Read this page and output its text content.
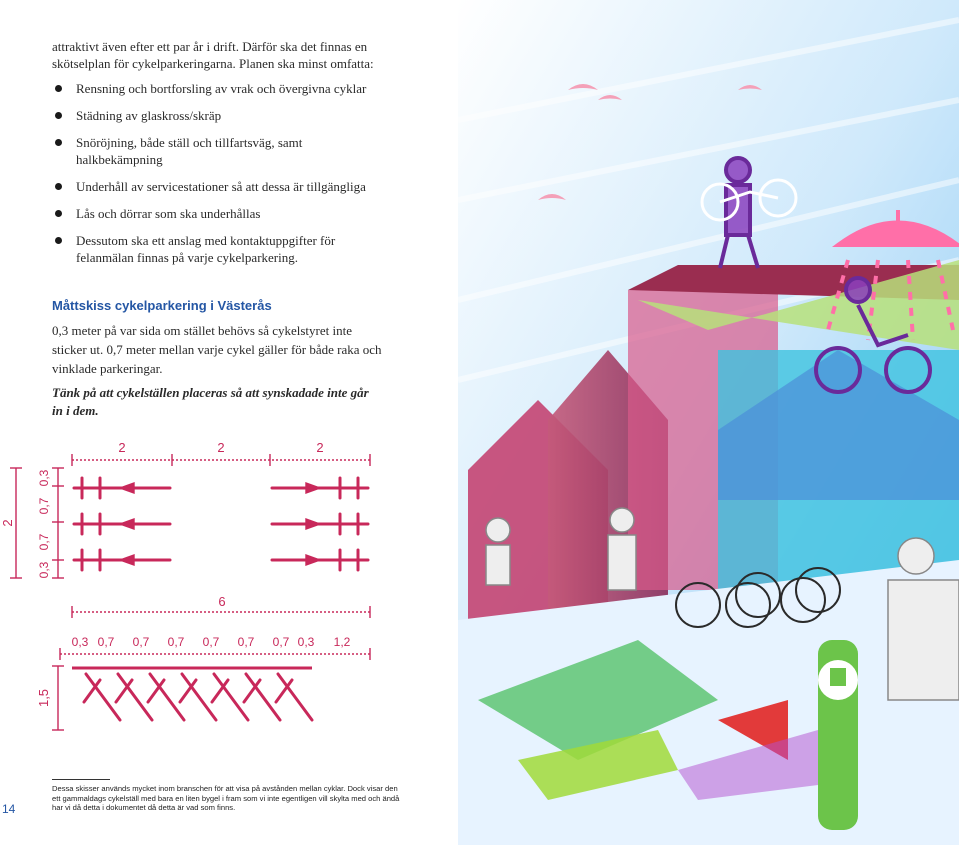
attraktivt även efter ett par år i drift. Därför ska det finnas en skötselplan för cykelparkeringarna. Planen ska minst omfatta:
Rensning och bortforsling av vrak och övergivna cyklar
Städning av glaskross/skräp
Snöröjning, både ställ och tillfartsväg, samt halkbekämpning
Underhåll av servicestationer så att dessa är tillgängliga
Lås och dörrar som ska underhållas
Dessutom ska ett anslag med kontaktuppgifter för felanmälan finnas på varje cykelparkering.
Måttskiss cykelparkering i Västerås
0,3 meter på var sida om stället behövs så cykelstyret inte sticker ut. 0,7 meter mellan varje cykel gäller för både raka och vinklade parkeringar.
Tänk på att cykelställen placeras så att synskadade inte går in i dem.
2	2	2
6
2
0,3
0,7
0,7
0,3
1,5
0,3 0,7 0,7 0,7 0,7 0,7 0,7 0,3 1,2
Dessa skisser används mycket inom branschen för att visa på avstånden mellan cyklar. Dock visar den ett gammaldags cykelställ med bara en liten bygel i fram som vi inte egentligen vill skylta med och ändå har vi då detta i dokumentet då detta är vad som finns.
14
